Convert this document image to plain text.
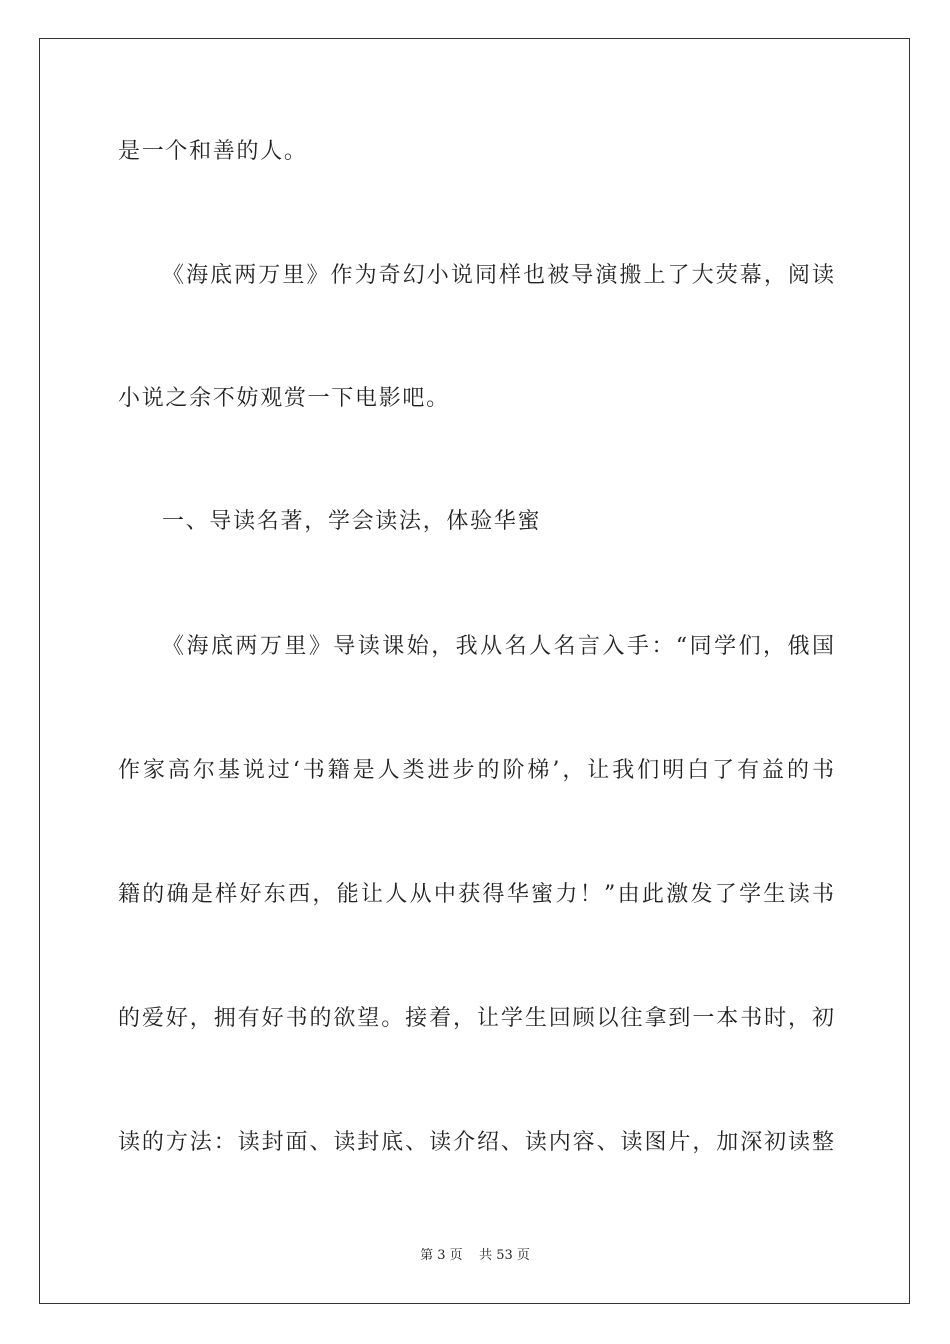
是一个和善的人。
《海底两万里》作为奇幻小说同样也被导演搬上了大荧幕，阅读
小说之余不妨观赏一下电影吧。
一、导读名著，学会读法，体验华蜜
《海底两万里》导读课始，我从名人名言入手：“同学们，俄国
作家高尔基说过‘书籍是人类进步的阶梯’，让我们明白了有益的书
籍的确是样好东西，能让人从中获得华蜜力！”由此激发了学生读书
的爱好，拥有好书的欲望。接着，让学生回顾以往拿到一本书时，初
读的方法：读封面、读封底、读介绍、读内容、读图片，加深初读整
第 3 页    共 53 页
